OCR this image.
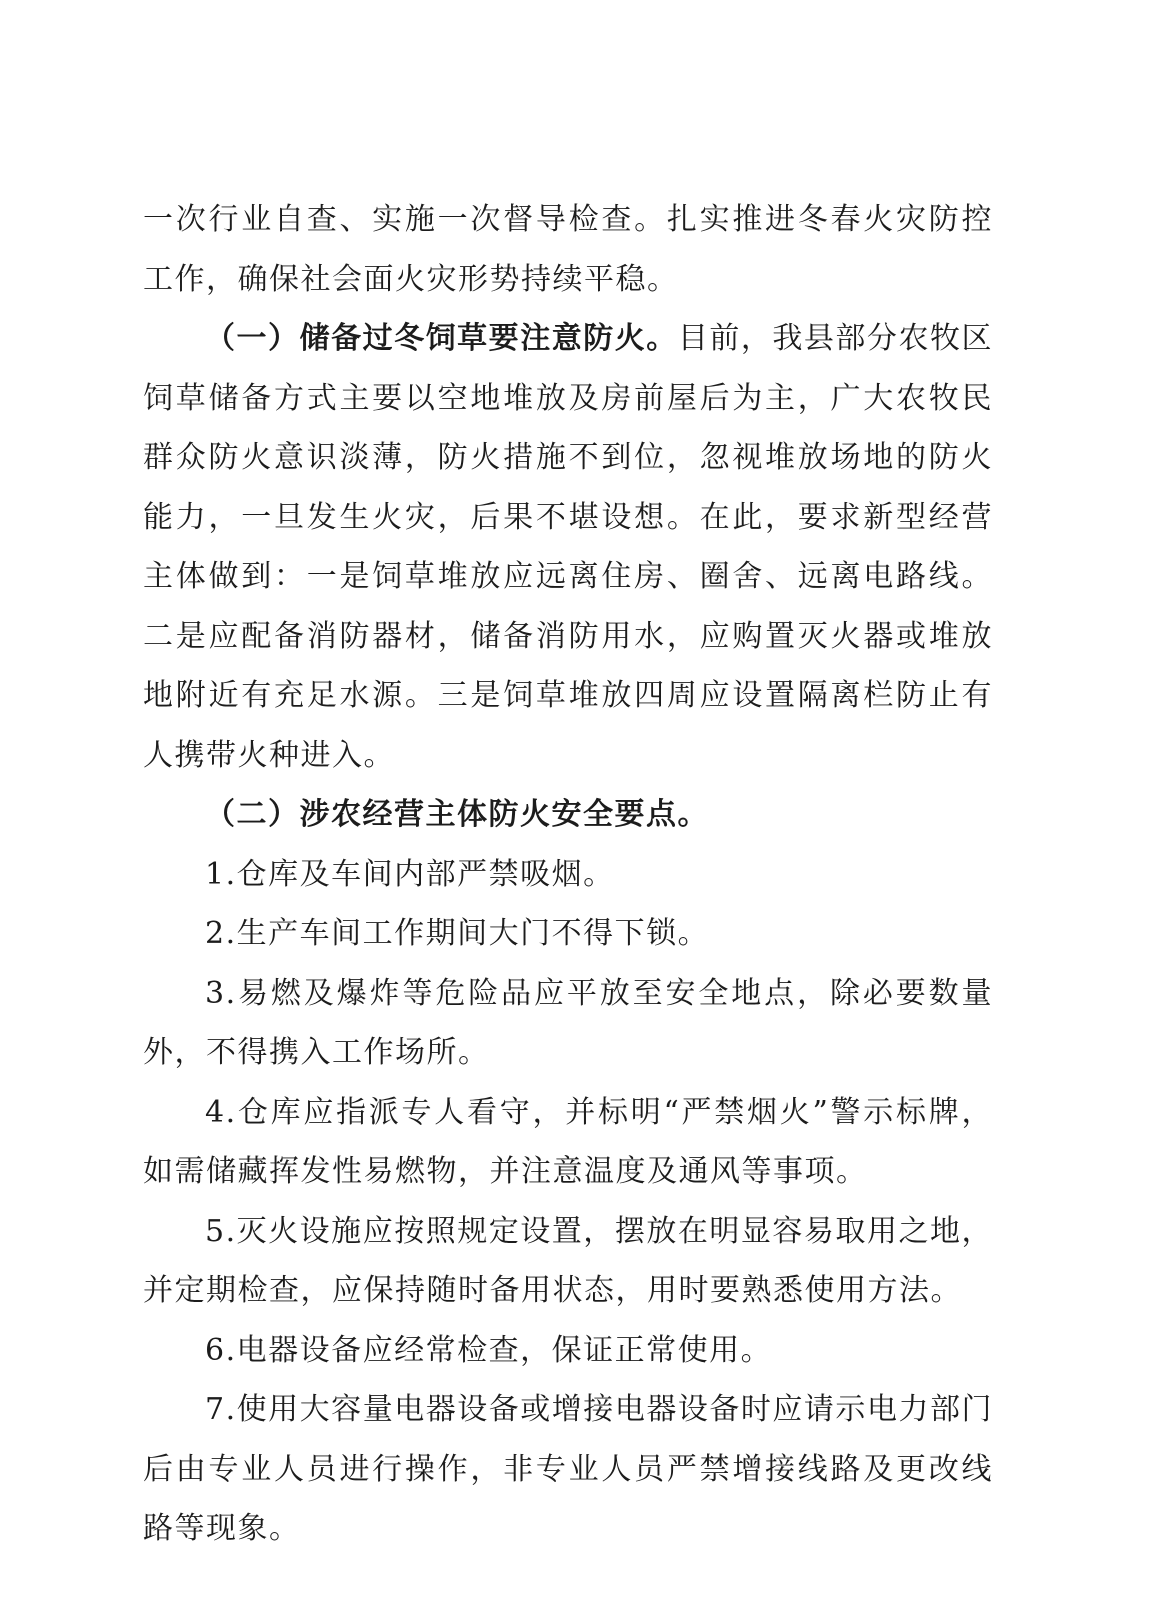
一次行业自查、实施一次督导检查。扎实推进冬春火灾防控工作，确保社会面火灾形势持续平稳。

（一）储备过冬饲草要注意防火。目前，我县部分农牧区饲草储备方式主要以空地堆放及房前屋后为主，广大农牧民群众防火意识淡薄，防火措施不到位，忽视堆放场地的防火能力，一旦发生火灾，后果不堪设想。在此，要求新型经营主体做到：一是饲草堆放应远离住房、圈舍、远离电路线。二是应配备消防器材，储备消防用水，应购置灭火器或堆放地附近有充足水源。三是饲草堆放四周应设置隔离栏防止有人携带火种进入。

（二）涉农经营主体防火安全要点。

1.仓库及车间内部严禁吸烟。

2.生产车间工作期间大门不得下锁。

3.易燃及爆炸等危险品应平放至安全地点，除必要数量外，不得携入工作场所。

4.仓库应指派专人看守，并标明“严禁烟火”警示标牌，如需储藏挥发性易燃物，并注意温度及通风等事项。

5.灭火设施应按照规定设置，摆放在明显容易取用之地，并定期检查，应保持随时备用状态，用时要熟悉使用方法。

6.电器设备应经常检查，保证正常使用。

7.使用大容量电器设备或增接电器设备时应请示电力部门后由专业人员进行操作，非专业人员严禁增接线路及更改线路等现象。
